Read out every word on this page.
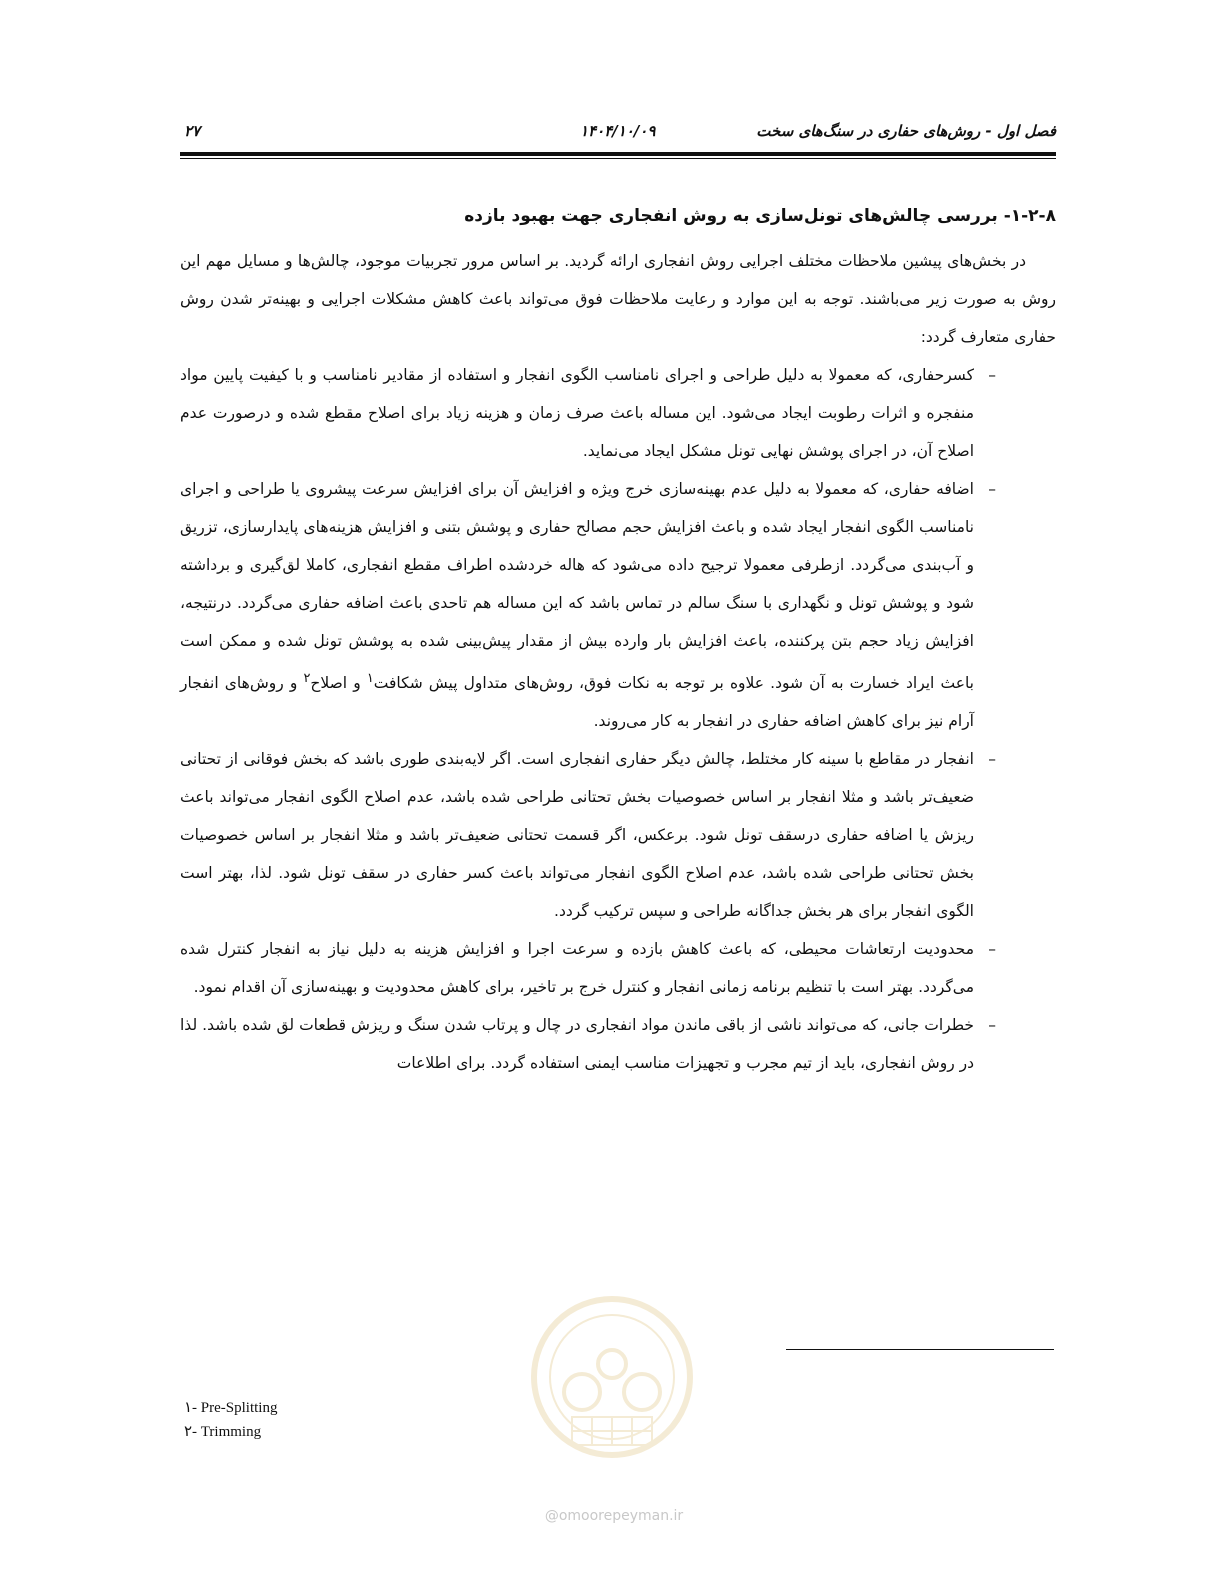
فصل اول - روش‌های حفاری در سنگ‌های سخت
۱۴۰۴/۱۰/۰۹
۲۷
۱-۲-۸- بررسی چالش‌های تونل‌سازی به روش انفجاری جهت بهبود بازده

در بخش‌های پیشین ملاحظات مختلف اجرایی روش انفجاری ارائه گردید. بر اساس مرور تجربیات موجود، چالش‌ها و مسایل مهم این روش به صورت زیر می‌باشند. توجه به این موارد و رعایت ملاحظات فوق می‌تواند باعث کاهش مشکلات اجرایی و بهینه‌تر شدن روش حفاری متعارف گردد:

–
کسرحفاری، که معمولا به دلیل طراحی و اجرای نامناسب الگوی انفجار و استفاده از مقادیر نامناسب و با کیفیت پایین مواد منفجره و اثرات رطوبت ایجاد می‌شود. این مساله باعث صرف زمان و هزینه زیاد برای اصلاح مقطع شده و درصورت عدم اصلاح آن، در اجرای پوشش نهایی تونل مشکل ایجاد می‌نماید.
–
اضافه حفاری، که معمولا به دلیل عدم بهینه‌سازی خرج ویژه و افزایش آن برای افزایش سرعت پیشروی یا طراحی و اجرای نامناسب الگوی انفجار ایجاد شده و باعث افزایش حجم مصالح حفاری و پوشش بتنی و افزایش هزینه‌های پایدارسازی، تزریق و آب‌بندی می‌گردد. ازطرفی معمولا ترجیح داده می‌شود که هاله خردشده اطراف مقطع انفجاری، کاملا لق‌گیری و برداشته شود و پوشش تونل و نگهداری با سنگ سالم در تماس باشد که این مساله هم تاحدی باعث اضافه حفاری می‌گردد. درنتیجه، افزایش زیاد حجم بتن پرکننده، باعث افزایش بار وارده بیش از مقدار پیش‌بینی شده به پوشش تونل شده و ممکن است باعث ایراد خسارت به آن شود. علاوه بر توجه به نکات فوق، روش‌های متداول پیش شکافت$^۱$ و اصلاح$^۲$ و روش‌های انفجار آرام نیز برای کاهش اضافه حفاری در انفجار به کار می‌روند.
–
انفجار در مقاطع با سینه کار مختلط، چالش دیگر حفاری انفجاری است. اگر لایه‌بندی طوری باشد که بخش فوقانی از تحتانی ضعیف‌تر باشد و مثلا انفجار بر اساس خصوصیات بخش تحتانی طراحی شده باشد، عدم اصلاح الگوی انفجار می‌تواند باعث ریزش یا اضافه حفاری درسقف تونل شود. برعکس، اگر قسمت تحتانی ضعیف‌تر باشد و مثلا انفجار بر اساس خصوصیات بخش تحتانی طراحی شده باشد، عدم اصلاح الگوی انفجار می‌تواند باعث کسر حفاری در سقف تونل شود. لذا، بهتر است الگوی انفجار برای هر بخش جداگانه طراحی و سپس ترکیب گردد.
–
محدودیت ارتعاشات محیطی، که باعث کاهش بازده و سرعت اجرا و افزایش هزینه به دلیل نیاز به انفجار کنترل شده می‌گردد. بهتر است با تنظیم برنامه زمانی انفجار و کنترل خرج بر تاخیر، برای کاهش محدودیت و بهینه‌سازی آن اقدام نمود.
–
خطرات جانی، که می‌تواند ناشی از باقی ماندن مواد انفجاری در چال و پرتاب شدن سنگ و ریزش قطعات لق شده باشد. لذا در روش انفجاری، باید از تیم مجرب و تجهیزات مناسب ایمنی استفاده گردد. برای اطلاعات
۱- Pre-Splitting
۲- Trimming
@omoorepeyman.ir
